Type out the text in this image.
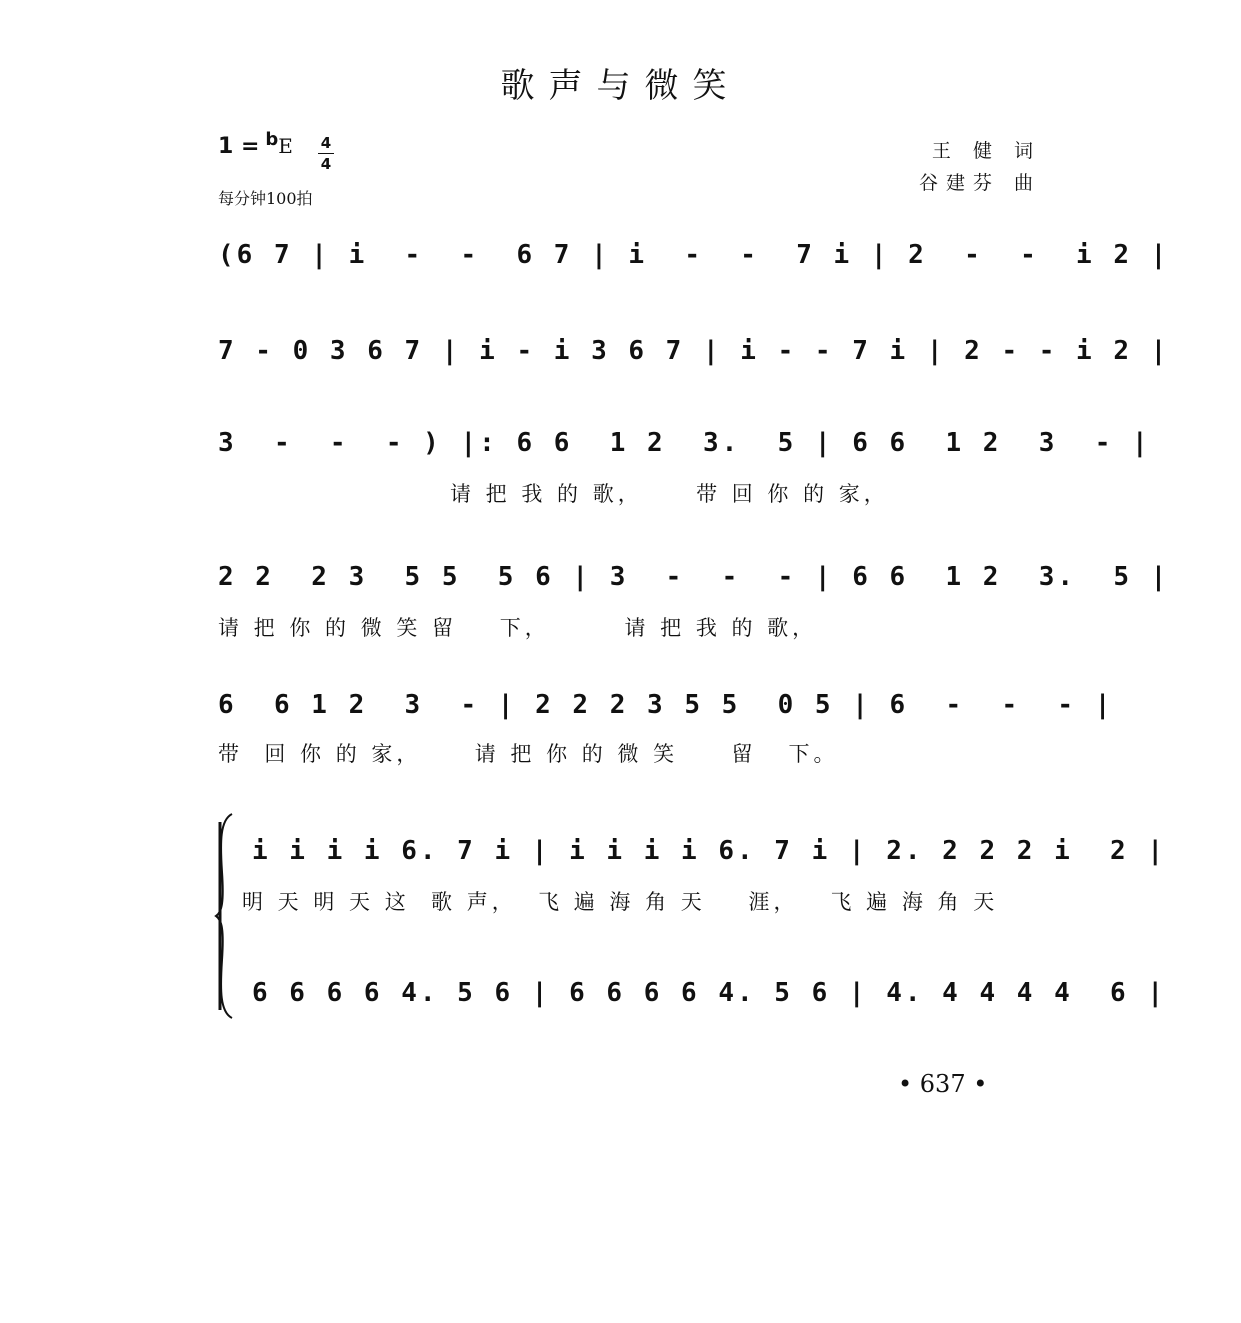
歌声与微笑
1 = $^b$E 4
4
每分钟100拍
王 健 词
谷建芬 曲
(6 7 | i  -  -  6 7 | i  -  -  7 i | 2  -  -  i 2 |
7 - 0 3 6 7 | i - i 3 6 7 | i - - 7 i | 2 - - i 2 |
3  -  -  - ) |: 6 6  1 2  3.  5 | 6 6  1 2  3  - |
请 把 我 的 歌，     带 回 你 的 家，
2 2  2 3  5 5  5 6 | 3  -  -  - | 6 6  1 2  3.  5 |
请 把 你 的 微 笑 留    下，       请 把 我 的 歌，
6  6 1 2  3  - | 2 2 2 3 5 5  0 5 | 6  -  -  - |
带  回 你 的 家，     请 把 你 的 微 笑     留   下。
i i i i 6. 7 i | i i i i 6. 7 i | 2. 2 2 2 i  2 |
明 天 明 天 这  歌 声，  飞 遍 海 角 天    涯，   飞 遍 海 角 天
6 6 6 6 4. 5 6 | 6 6 6 6 4. 5 6 | 4. 4 4 4 4  6 |
• 637 •
